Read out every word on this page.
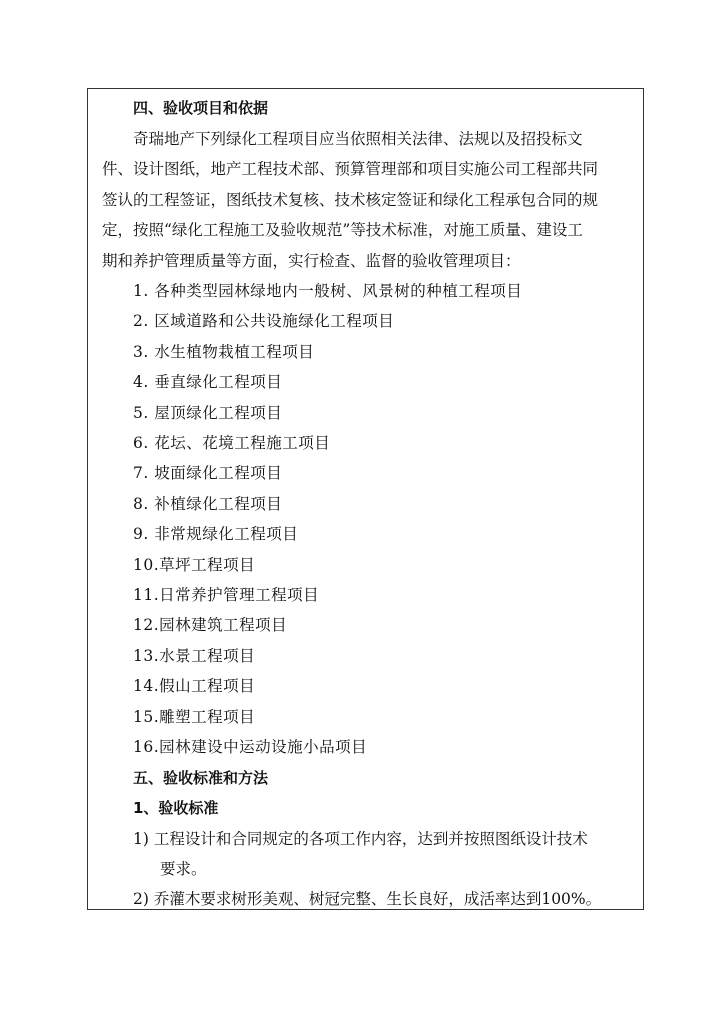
四、验收项目和依据
奇瑞地产下列绿化工程项目应当依照相关法律、法规以及招投标文
件、设计图纸，地产工程技术部、预算管理部和项目实施公司工程部共同
签认的工程签证，图纸技术复核、技术核定签证和绿化工程承包合同的规
定，按照“绿化工程施工及验收规范”等技术标准，对施工质量、建设工
期和养护管理质量等方面，实行检查、监督的验收管理项目：
1. 各种类型园林绿地内一般树、风景树的种植工程项目
2. 区域道路和公共设施绿化工程项目
3. 水生植物栽植工程项目
4. 垂直绿化工程项目
5. 屋顶绿化工程项目
6. 花坛、花境工程施工项目
7. 坡面绿化工程项目
8. 补植绿化工程项目
9. 非常规绿化工程项目
10.草坪工程项目
11.日常养护管理工程项目
12.园林建筑工程项目
13.水景工程项目
14.假山工程项目
15.雕塑工程项目
16.园林建设中运动设施小品项目
五、验收标准和方法
1、验收标准
1) 工程设计和合同规定的各项工作内容，达到并按照图纸设计技术
要求。
2) 乔灌木要求树形美观、树冠完整、生长良好，成活率达到100%。
